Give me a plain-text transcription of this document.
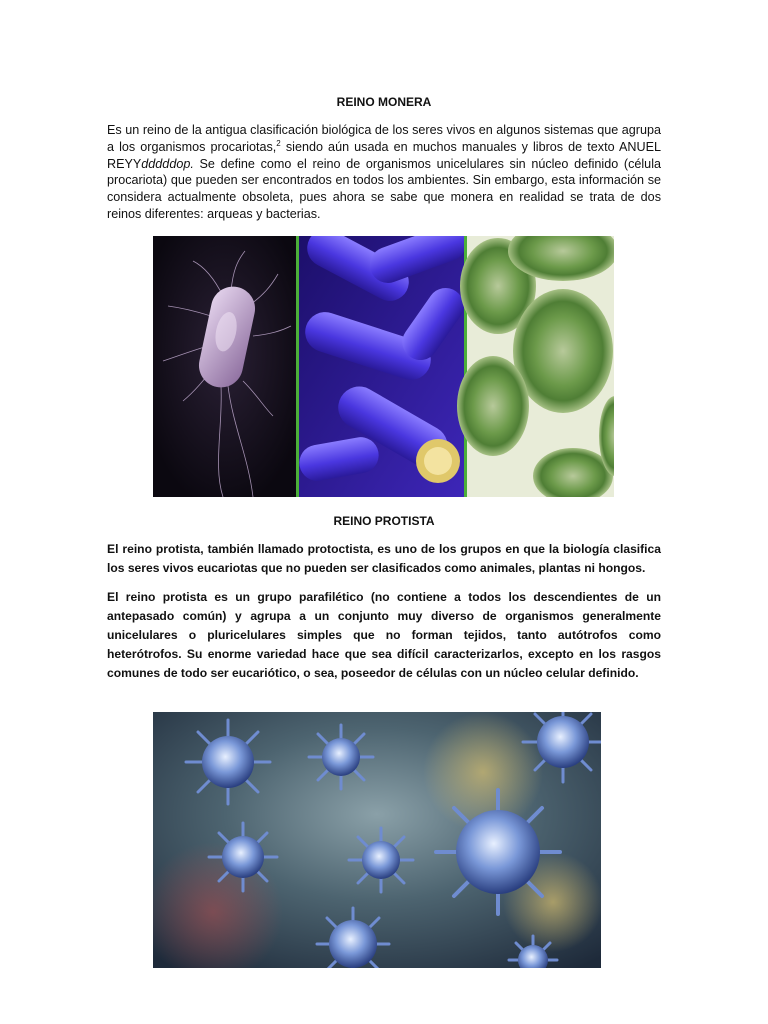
REINO MONERA

Es un reino de la antigua clasificación biológica de los seres vivos en algunos sistemas que agrupa a los organismos procariotas,$^2$ siendo aún usada en muchos manuales y libros de texto ANUEL REYYdddddop. Se define como el reino de organismos unicelulares sin núcleo definido (célula procariota) que pueden ser encontrados en todos los ambientes. Sin embargo, esta información se considera actualmente obsoleta, pues ahora se sabe que monera en realidad se trata de dos reinos diferentes: arqueas y bacterias.

REINO PROTISTA

El reino protista, también llamado protoctista, es uno de los grupos en que la biología clasifica los seres vivos eucariotas que no pueden ser clasificados como animales, plantas ni hongos.

El reino protista es un grupo parafilético (no contiene a todos los descendientes de un antepasado común) y agrupa a un conjunto muy diverso de organismos generalmente unicelulares o pluricelulares simples que no forman tejidos, tanto autótrofos como heterótrofos. Su enorme variedad hace que sea difícil caracterizarlos, excepto en los rasgos comunes de todo ser eucariótico, o sea, poseedor de células con un núcleo celular definido.
